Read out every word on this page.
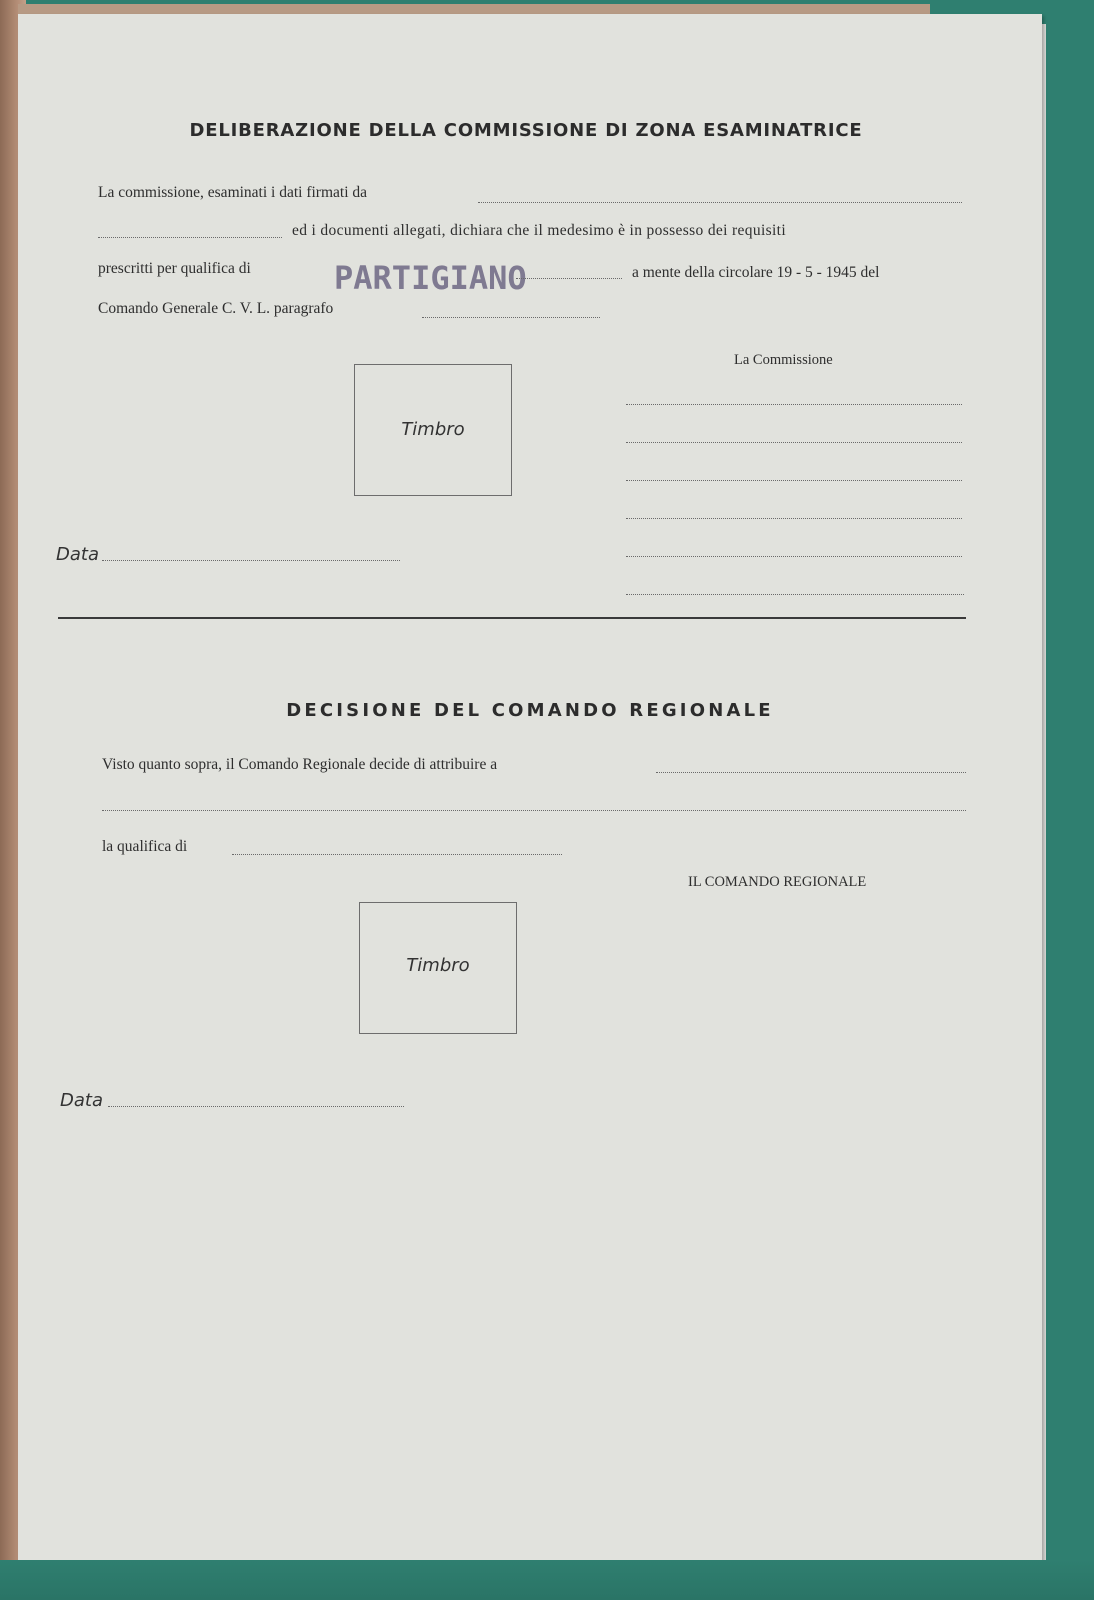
DELIBERAZIONE DELLA COMMISSIONE DI ZONA ESAMINATRICE
La commissione, esaminati i dati firmati da
ed i documenti allegati, dichiara che il medesimo è in possesso dei requisiti
prescritti per qualifica di	PARTIGIANO	a mente della circolare 19 - 5 - 1945 del
Comando Generale C. V. L. paragrafo
Timbro
La Commissione
Data
DECISIONE DEL COMANDO REGIONALE
Visto quanto sopra, il Comando Regionale decide di attribuire a
la qualifica di
IL COMANDO REGIONALE
Timbro
Data
